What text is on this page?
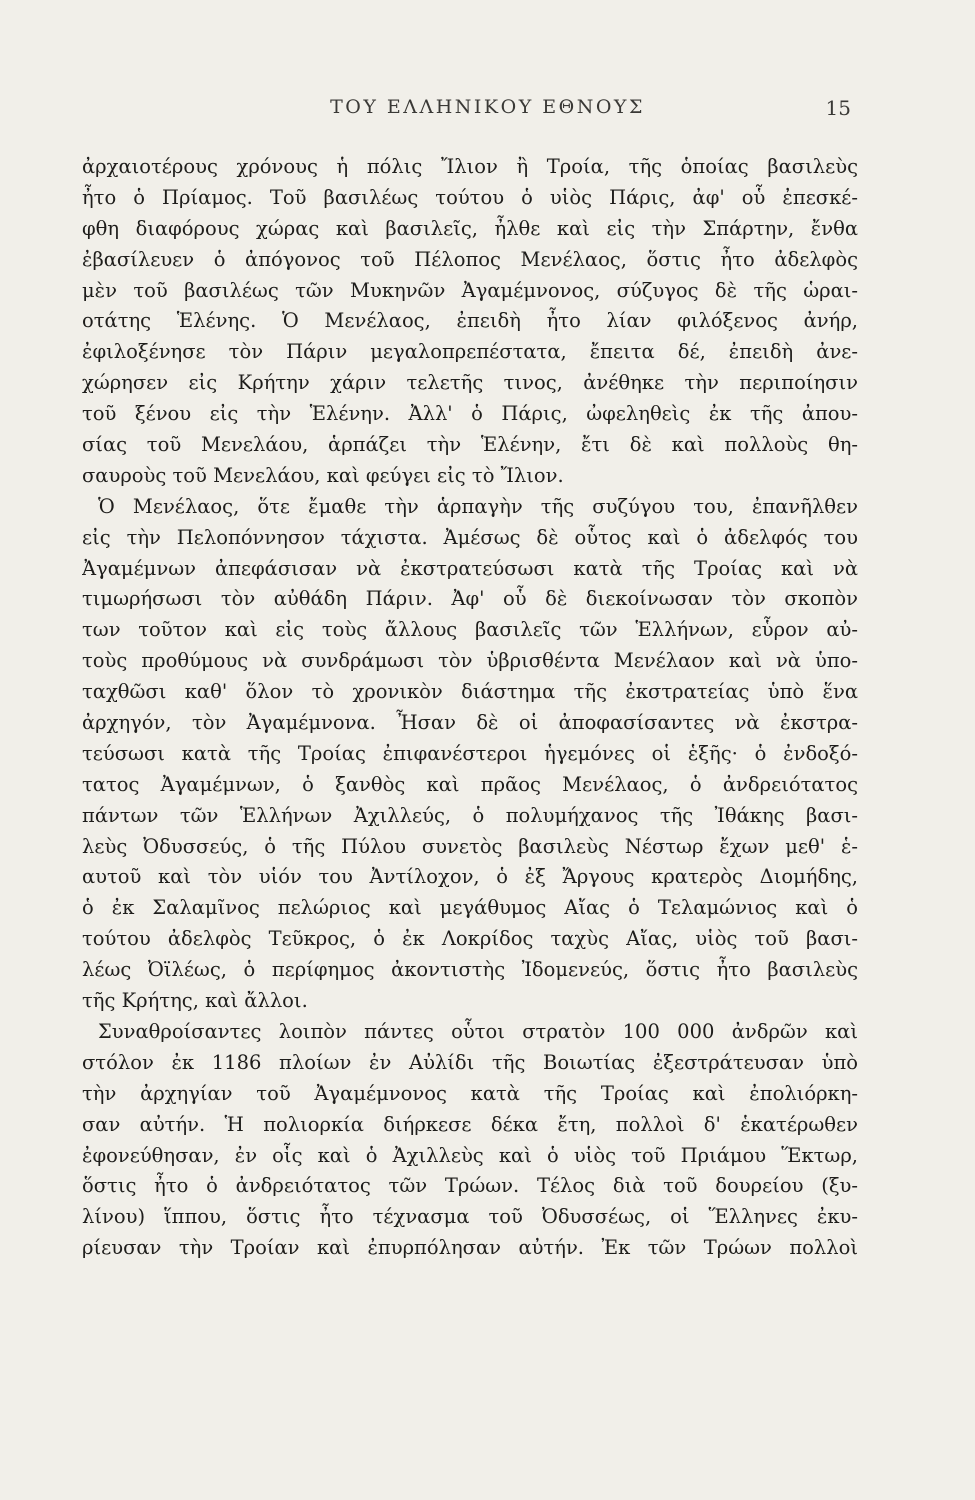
ΤΟΥ ΕΛΛΗΝΙΚΟΥ ΕΘΝΟΥΣ	15
ἀρχαιοτέρους χρόνους ἡ πόλις Ἴλιον ἢ Τροία, τῆς ὁποίας βασιλεὺς
ἦτο ὁ Πρίαμος. Τοῦ βασιλέως τούτου ὁ υἱὸς Πάρις, ἀφ' οὗ ἐπεσκέ-
φθη διαφόρους χώρας καὶ βασιλεῖς, ἦλθε καὶ εἰς τὴν Σπάρτην, ἔνθα
ἐβασίλευεν ὁ ἀπόγονος τοῦ Πέλοπος Μενέλαος, ὅστις ἦτο ἀδελφὸς
μὲν τοῦ βασιλέως τῶν Μυκηνῶν Ἀγαμέμνονος, σύζυγος δὲ τῆς ὡραι-
οτάτης Ἑλένης. Ὁ Μενέλαος, ἐπειδὴ ἦτο λίαν φιλόξενος ἀνήρ,
ἐφιλοξένησε τὸν Πάριν μεγαλοπρεπέστατα, ἔπειτα δέ, ἐπειδὴ ἀνε-
χώρησεν εἰς Κρήτην χάριν τελετῆς τινος, ἀνέθηκε τὴν περιποίησιν
τοῦ ξένου εἰς τὴν Ἑλένην. Ἀλλ' ὁ Πάρις, ὠφεληθεὶς ἐκ τῆς ἀπου-
σίας τοῦ Μενελάου, ἁρπάζει τὴν Ἑλένην, ἔτι δὲ καὶ πολλοὺς θη-
σαυροὺς τοῦ Μενελάου, καὶ φεύγει εἰς τὸ Ἴλιον.
Ὁ Μενέλαος, ὅτε ἔμαθε τὴν ἁρπαγὴν τῆς συζύγου του, ἐπανῆλθεν
εἰς τὴν Πελοπόννησον τάχιστα. Ἀμέσως δὲ οὗτος καὶ ὁ ἀδελφός του
Ἀγαμέμνων ἀπεφάσισαν νὰ ἐκστρατεύσωσι κατὰ τῆς Τροίας καὶ νὰ
τιμωρήσωσι τὸν αὐθάδη Πάριν. Ἀφ' οὗ δὲ διεκοίνωσαν τὸν σκοπὸν
των τοῦτον καὶ εἰς τοὺς ἄλλους βασιλεῖς τῶν Ἑλλήνων, εὗρον αὐ-
τοὺς προθύμους νὰ συνδράμωσι τὸν ὑβρισθέντα Μενέλαον καὶ νὰ ὑπο-
ταχθῶσι καθ' ὅλον τὸ χρονικὸν διάστημα τῆς ἐκστρατείας ὑπὸ ἕνα
ἀρχηγόν, τὸν Ἀγαμέμνονα. Ἦσαν δὲ οἱ ἀποφασίσαντες νὰ ἐκστρα-
τεύσωσι κατὰ τῆς Τροίας ἐπιφανέστεροι ἡγεμόνες οἱ ἑξῆς· ὁ ἐνδοξό-
τατος Ἀγαμέμνων, ὁ ξανθὸς καὶ πρᾶος Μενέλαος, ὁ ἀνδρειότατος
πάντων τῶν Ἑλλήνων Ἀχιλλεύς, ὁ πολυμήχανος τῆς Ἰθάκης βασι-
λεὺς Ὀδυσσεύς, ὁ τῆς Πύλου συνετὸς βασιλεὺς Νέστωρ ἔχων μεθ' ἑ-
αυτοῦ καὶ τὸν υἱόν του Ἀντίλοχον, ὁ ἐξ Ἄργους κρατερὸς Διομήδης,
ὁ ἐκ Σαλαμῖνος πελώριος καὶ μεγάθυμος Αἴας ὁ Τελαμώνιος καὶ ὁ
τούτου ἀδελφὸς Τεῦκρος, ὁ ἐκ Λοκρίδος ταχὺς Αἴας, υἱὸς τοῦ βασι-
λέως Ὀϊλέως, ὁ περίφημος ἀκοντιστὴς Ἰδομενεύς, ὅστις ἦτο βασιλεὺς
τῆς Κρήτης, καὶ ἄλλοι.
Συναθροίσαντες λοιπὸν πάντες οὗτοι στρατὸν 100 000 ἀνδρῶν καὶ
στόλον ἐκ 1186 πλοίων ἐν Αὐλίδι τῆς Βοιωτίας ἐξεστράτευσαν ὑπὸ
τὴν ἀρχηγίαν τοῦ Ἀγαμέμνονος κατὰ τῆς Τροίας καὶ ἐπολιόρκη-
σαν αὐτήν. Ἡ πολιορκία διήρκεσε δέκα ἔτη, πολλοὶ δ' ἑκατέρωθεν
ἐφονεύθησαν, ἐν οἷς καὶ ὁ Ἀχιλλεὺς καὶ ὁ υἱὸς τοῦ Πριάμου Ἕκτωρ,
ὅστις ἦτο ὁ ἀνδρειότατος τῶν Τρώων. Τέλος διὰ τοῦ δουρείου (ξυ-
λίνου) ἵππου, ὅστις ἦτο τέχνασμα τοῦ Ὀδυσσέως, οἱ Ἕλληνες ἐκυ-
ρίευσαν τὴν Τροίαν καὶ ἐπυρπόλησαν αὐτήν. Ἐκ τῶν Τρώων πολλοὶ
